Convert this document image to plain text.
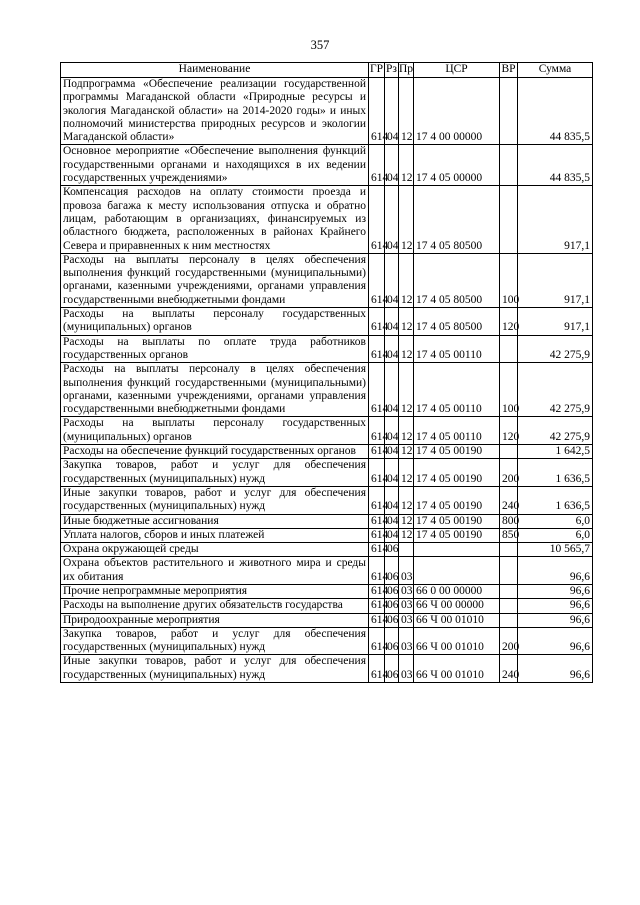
357
Наименование	ГР	Рз	Пр	ЦСР	ВР	Сумма
Подпрограмма «Обеспечение реализации государственной программы Магаданской области «Природные ресурсы и экология Магаданской области» на 2014-2020 годы» и иных полномочий министерства природных ресурсов и экологии Магаданской области»	614	04	12	17 4 00 00000		44 835,5
Основное мероприятие «Обеспечение выполнения функций государственными органами и находящихся в их ведении государственных учреждениями»	614	04	12	17 4 05 00000		44 835,5
Компенсация расходов на оплату стоимости проезда и провоза багажа к месту использования отпуска и обратно лицам, работающим в организациях, финансируемых из областного бюджета, расположенных в районах Крайнего Севера и приравненных к ним местностях	614	04	12	17 4 05 80500		917,1
Расходы на выплаты персоналу в целях обеспечения выполнения функций государственными (муниципальными) органами, казенными учреждениями, органами управления государственными внебюджетными фондами	614	04	12	17 4 05 80500	100	917,1
Расходы на выплаты персоналу государственных (муниципальных) органов	614	04	12	17 4 05 80500	120	917,1
Расходы на выплаты по оплате труда работников государственных органов	614	04	12	17 4 05 00110		42 275,9
Расходы на выплаты персоналу в целях обеспечения выполнения функций государственными (муниципальными) органами, казенными учреждениями, органами управления государственными внебюджетными фондами	614	04	12	17 4 05 00110	100	42 275,9
Расходы на выплаты персоналу государственных (муниципальных) органов	614	04	12	17 4 05 00110	120	42 275,9
Расходы на обеспечение функций государственных органов	614	04	12	17 4 05 00190		1 642,5
Закупка товаров, работ и услуг для обеспечения государственных (муниципальных) нужд	614	04	12	17 4 05 00190	200	1 636,5
Иные закупки товаров, работ и услуг для обеспечения государственных (муниципальных) нужд	614	04	12	17 4 05 00190	240	1 636,5
Иные бюджетные ассигнования	614	04	12	17 4 05 00190	800	6,0
Уплата налогов, сборов и иных платежей	614	04	12	17 4 05 00190	850	6,0
Охрана окружающей среды	614	06				10 565,7
Охрана объектов растительного и животного мира и среды их обитания	614	06	03			96,6
Прочие непрограммные мероприятия	614	06	03	66 0 00 00000		96,6
Расходы на выполнение других обязательств государства	614	06	03	66 Ч 00 00000		96,6
Природоохранные мероприятия	614	06	03	66 Ч 00 01010		96,6
Закупка товаров, работ и услуг для обеспечения государственных (муниципальных) нужд	614	06	03	66 Ч 00 01010	200	96,6
Иные закупки товаров, работ и услуг для обеспечения государственных (муниципальных) нужд	614	06	03	66 Ч 00 01010	240	96,6
